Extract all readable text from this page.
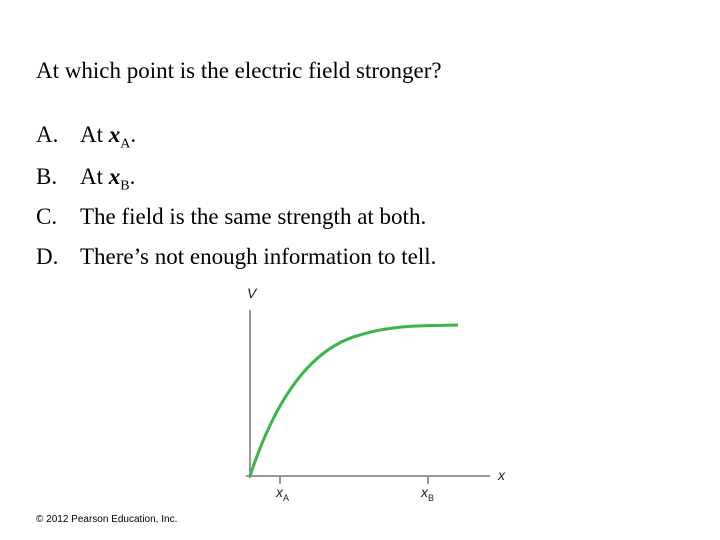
At which point is the electric field stronger?
A. At $x_A$.
B. At $x_B$.
C. The field is the same strength at both.
D. There’s not enough information to tell.
V
x
$x_A$	$x_B$
© 2012 Pearson Education, Inc.
